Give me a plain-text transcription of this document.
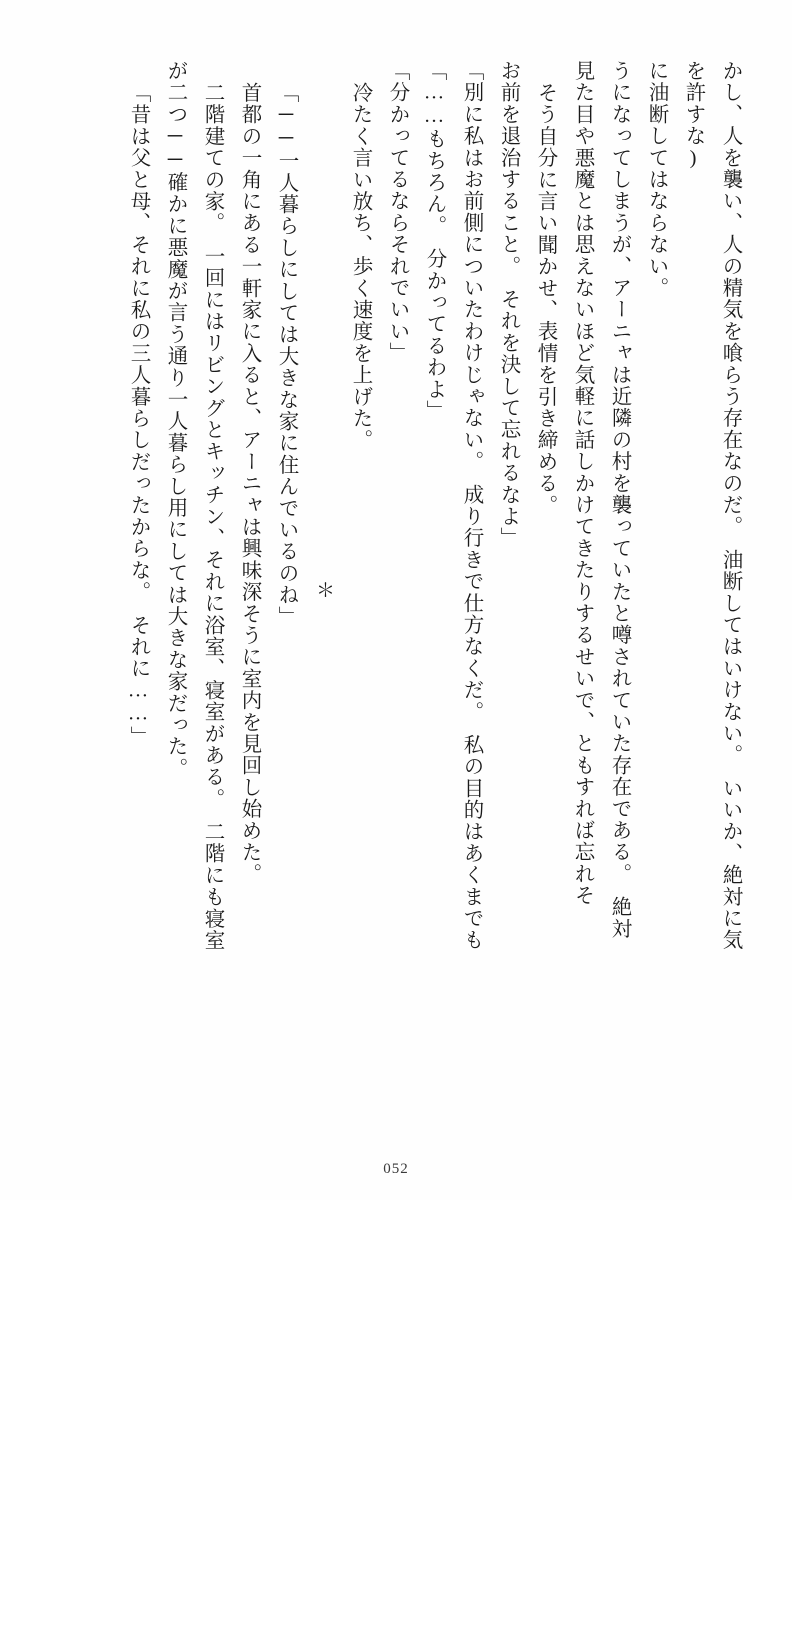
かし、人を襲い、人の精気を喰らう存在なのだ。　油断してはいけない。　いいか、絶対に気
を許すな)
に油断してはならない。
うになってしまうが、アーニャは近隣の村を襲っていたと噂されていた存在である。　絶対
見た目や悪魔とは思えないほど気軽に話しかけてきたりするせいで、ともすれば忘れそ
そう自分に言い聞かせ、表情を引き締める。
お前を退治すること。　それを決して忘れるなよ」
「別に私はお前側についたわけじゃない。　成り行きで仕方なくだ。　私の目的はあくまでも
「……もちろん。　分かってるわよ」
「分かってるならそれでいい」
冷たく言い放ち、歩く速度を上げた。
＊
「──一人暮らしにしては大きな家に住んでいるのね」
首都の一角にある一軒家に入ると、アーニャは興味深そうに室内を見回し始めた。
二階建ての家。　一回にはリビングとキッチン、それに浴室、寝室がある。　二階にも寝室
が二つ──確かに悪魔が言う通り一人暮らし用にしては大きな家だった。
「昔は父と母、それに私の三人暮らしだったからな。　それに……」
052
